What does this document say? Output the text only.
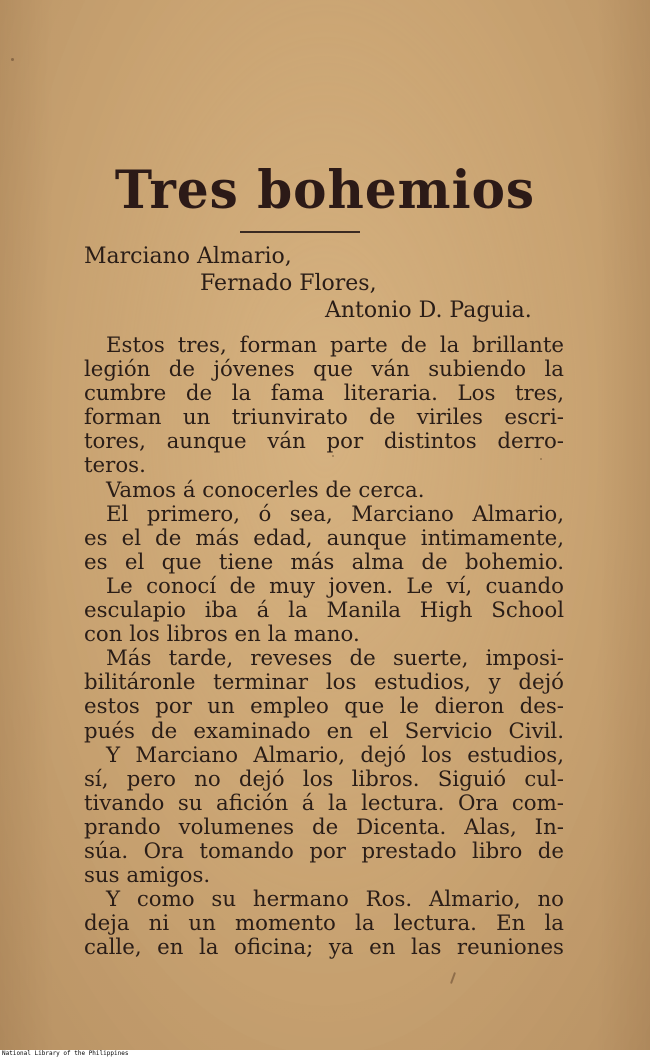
Tres bohemios
Marciano Almario,
Fernado Flores,
Antonio D. Paguia.
Estos tres, forman parte de la brillante
legión de jóvenes que ván subiendo la
cumbre de la fama literaria. Los tres,
forman un triunvirato de viriles escri-
tores, aunque ván por distintos derro-
teros.
Vamos á conocerles de cerca.
El primero, ó sea, Marciano Almario,
es el de más edad, aunque intimamente,
es el que tiene más alma de bohemio.
Le conocí de muy joven. Le ví, cuando
esculapio iba á la Manila High School
con los libros en la mano.
Más tarde, reveses de suerte, imposi-
bilitáronle terminar los estudios, y dejó
estos por un empleo que le dieron des-
pués de examinado en el Servicio Civil.
Y Marciano Almario, dejó los estudios,
sí, pero no dejó los libros. Siguió cul-
tivando su afición á la lectura. Ora com-
prando volumenes de Dicenta. Alas, In-
súa. Ora tomando por prestado libro de
sus amigos.
Y como su hermano Ros. Almario, no
deja ni un momento la lectura. En la
calle, en la oficina; ya en las reuniones
National Library of the Philippines
